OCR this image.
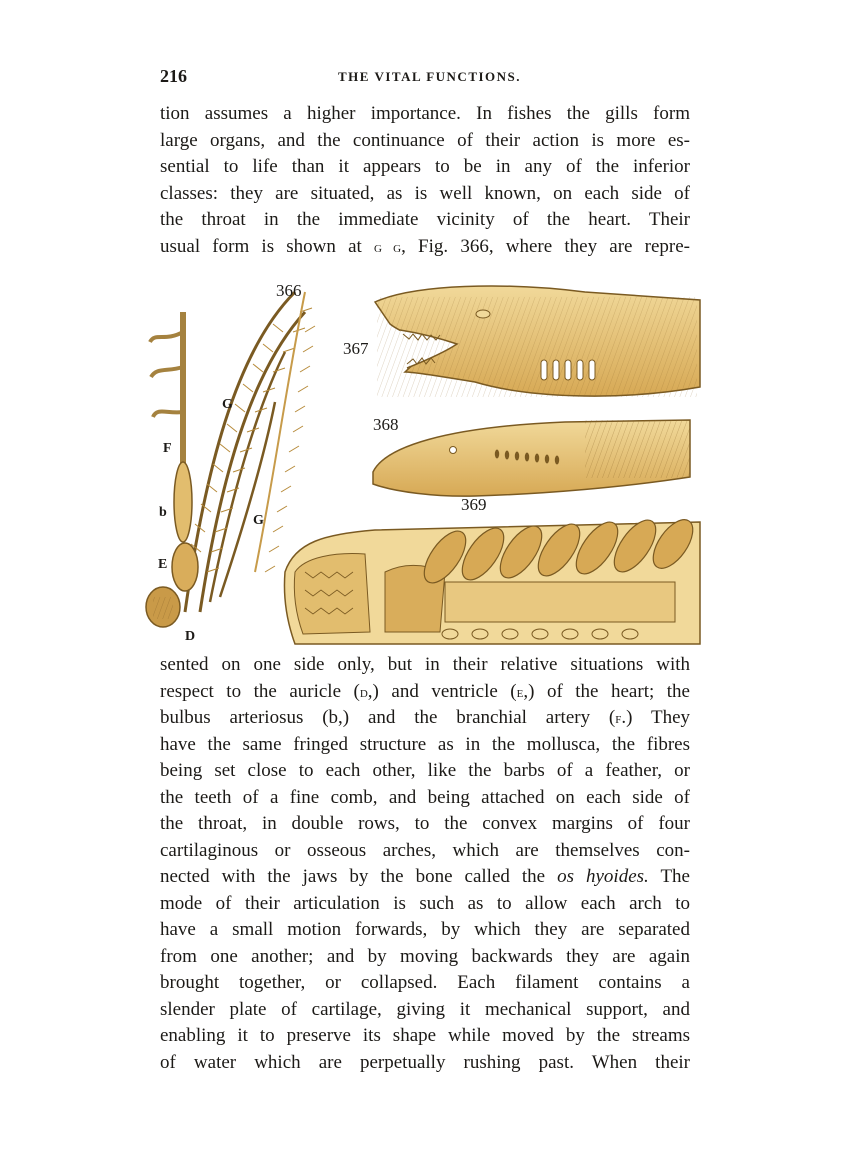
216	THE VITAL FUNCTIONS.
tion assumes a higher importance. In fishes the gills form
large organs, and the continuance of their action is more es-
sential to life than it appears to be in any of the inferior
classes: they are situated, as is well known, on each side of
the throat in the immediate vicinity of the heart. Their
usual form is shown at g g, Fig. 366, where they are repre-
366
G
G
F
b
E
D
367
368
369
sented on one side only, but in their relative situations with
respect to the auricle (d,) and ventricle (e,) of the heart; the
bulbus arteriosus (b,) and the branchial artery (f.) They
have the same fringed structure as in the mollusca, the fibres
being set close to each other, like the barbs of a feather, or
the teeth of a fine comb, and being attached on each side of
the throat, in double rows, to the convex margins of four
cartilaginous or osseous arches, which are themselves con-
nected with the jaws by the bone called the os hyoides. The
mode of their articulation is such as to allow each arch to
have a small motion forwards, by which they are separated
from one another; and by moving backwards they are again
brought together, or collapsed. Each filament contains a
slender plate of cartilage, giving it mechanical support, and
enabling it to preserve its shape while moved by the streams
of water which are perpetually rushing past. When their
